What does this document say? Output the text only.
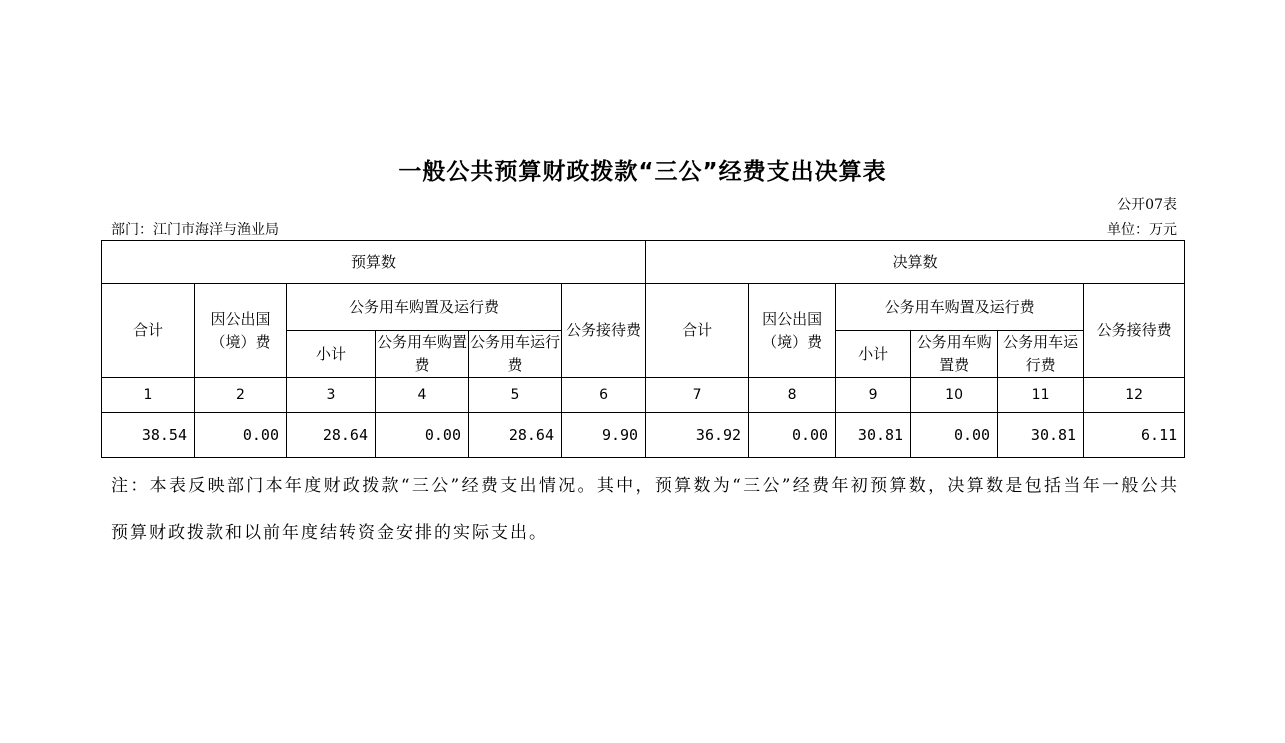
一般公共预算财政拨款“三公”经费支出决算表
公开07表
部门：江门市海洋与渔业局	单位：万元
预算数						决算数					
合计	因公出国（境）费	公务用车购置及运行费			公务接待费	合计	因公出国（境）费	公务用车购置及运行费			公务接待费
		小计	公务用车购置费	公务用车运行费				小计	公务用车购置费	公务用车运行费	
1	2	3	4	5	6	7	8	9	10	11	12
38.54	0.00	28.64	0.00	28.64	9.90	36.92	0.00	30.81	0.00	30.81	6.11
注：本表反映部门本年度财政拨款“三公”经费支出情况。其中，预算数为“三公”经费年初预算数，决算数是包括当年一般公共预算财政拨款和以前年度结转资金安排的实际支出。
